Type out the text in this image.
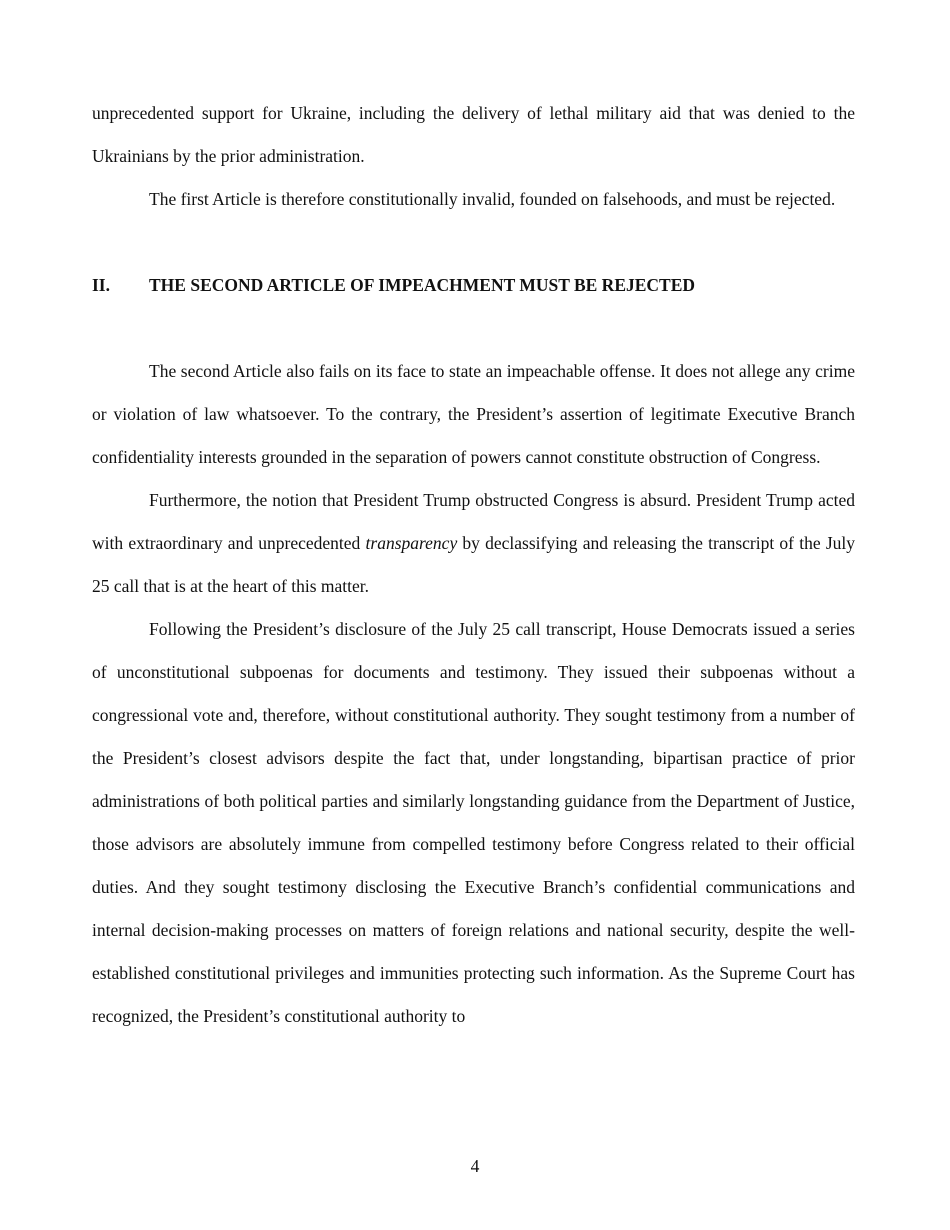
unprecedented support for Ukraine, including the delivery of lethal military aid that was denied to the Ukrainians by the prior administration.

The first Article is therefore constitutionally invalid, founded on falsehoods, and must be rejected.

II.	THE SECOND ARTICLE OF IMPEACHMENT MUST BE REJECTED

The second Article also fails on its face to state an impeachable offense. It does not allege any crime or violation of law whatsoever. To the contrary, the President’s assertion of legitimate Executive Branch confidentiality interests grounded in the separation of powers cannot constitute obstruction of Congress.

Furthermore, the notion that President Trump obstructed Congress is absurd. President Trump acted with extraordinary and unprecedented transparency by declassifying and releasing the transcript of the July 25 call that is at the heart of this matter.

Following the President’s disclosure of the July 25 call transcript, House Democrats issued a series of unconstitutional subpoenas for documents and testimony. They issued their subpoenas without a congressional vote and, therefore, without constitutional authority. They sought testimony from a number of the President’s closest advisors despite the fact that, under longstanding, bipartisan practice of prior administrations of both political parties and similarly longstanding guidance from the Department of Justice, those advisors are absolutely immune from compelled testimony before Congress related to their official duties. And they sought testimony disclosing the Executive Branch’s confidential communications and internal decision-making processes on matters of foreign relations and national security, despite the well-established constitutional privileges and immunities protecting such information. As the Supreme Court has recognized, the President’s constitutional authority to

4
